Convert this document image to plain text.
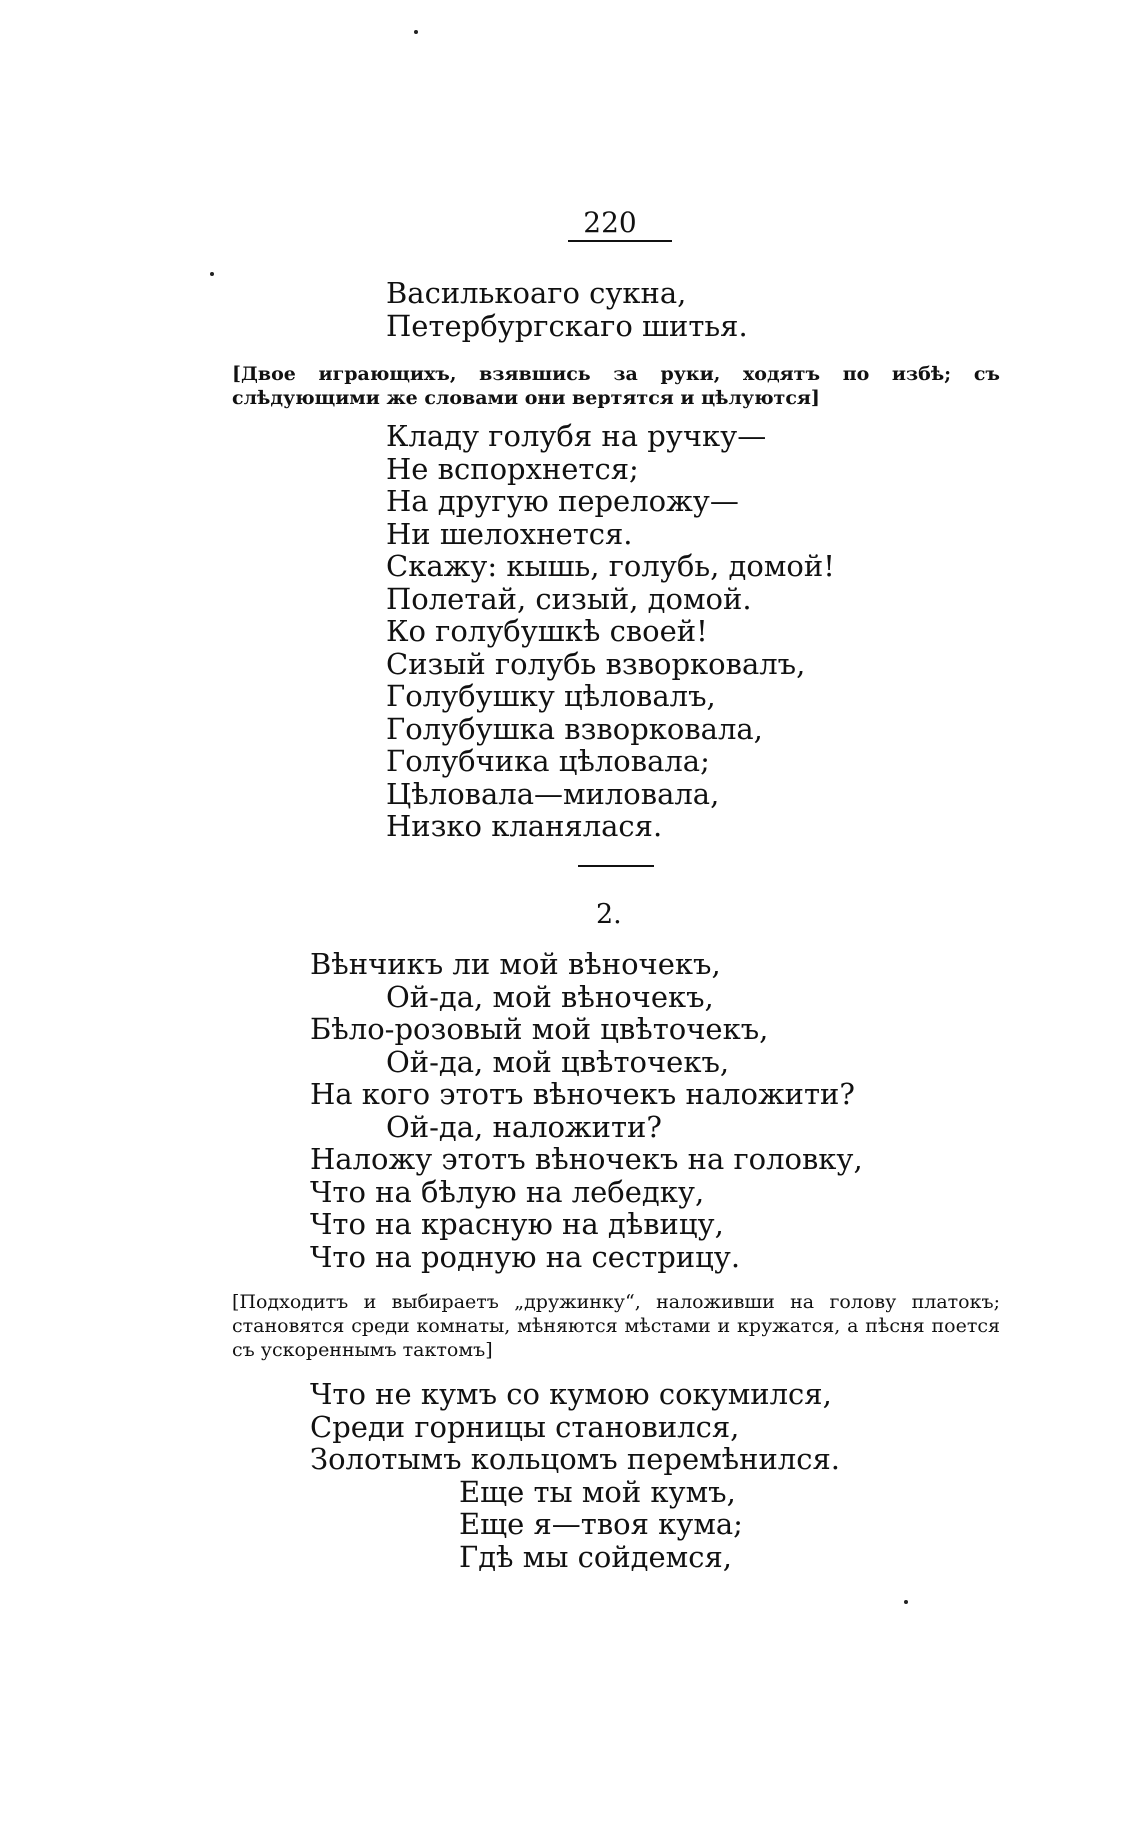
220
Василькоаго сукна,
Петербургскаго шитья.
[Двое играющихъ, взявшись за руки, ходятъ по избѣ; съ слѣдующими же словами они вертятся и цѣлуются]
Кладу голубя на ручку—
Не вспорхнется;
На другую переложу—
Ни шелохнется.
Скажу: кышь, голубь, домой!
Полетай, сизый, домой.
Ко голубушкѣ своей!
Сизый голубь взворковалъ,
Голубушку цѣловалъ,
Голубушка взворковала,
Голубчика цѣловала;
Цѣловала—миловала,
Низко кланялася.
2.
Вѣнчикъ ли мой вѣночекъ,
Ой-да, мой вѣночекъ,
Бѣло-розовый мой цвѣточекъ,
Ой-да, мой цвѣточекъ,
На кого этотъ вѣночекъ наложити?
Ой-да, наложити?
Наложу этотъ вѣночекъ на головку,
Что на бѣлую на лебедку,
Что на красную на дѣвицу,
Что на родную на сестрицу.
[Подходитъ и выбираетъ „дружинку“, наложивши на голову платокъ; становятся среди комнаты, мѣняются мѣстами и кружатся, а пѣсня поется съ ускореннымъ тактомъ]
Что не кумъ со кумою сокумился,
Среди горницы становился,
Золотымъ кольцомъ перемѣнился.
Еще ты мой кумъ,
Еще я—твоя кума;
Гдѣ мы сойдемся,
